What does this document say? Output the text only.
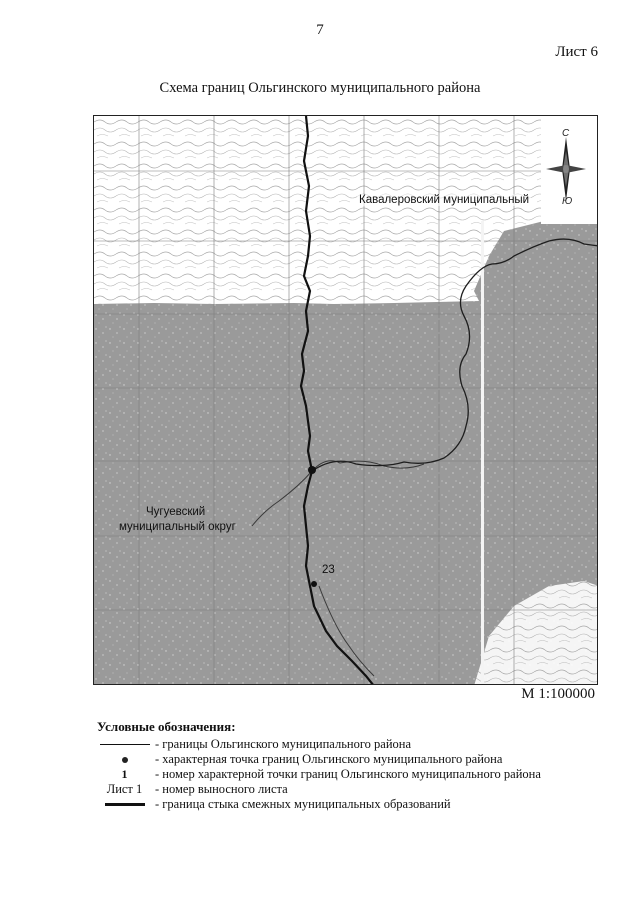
7
Лист 6
Схема границ Ольгинского муниципального района
С
Ю
Кавалеровский муниципальный
Чугуевский
муниципальный округ
23
М 1:100000
Условные обозначения:
- границы Ольгинского муниципального района
- характерная точка границ Ольгинского муниципального района
1	- номер характерной точки границ Ольгинского муниципального района
Лист 1	- номер выносного листа
- граница стыка смежных муниципальных образований
